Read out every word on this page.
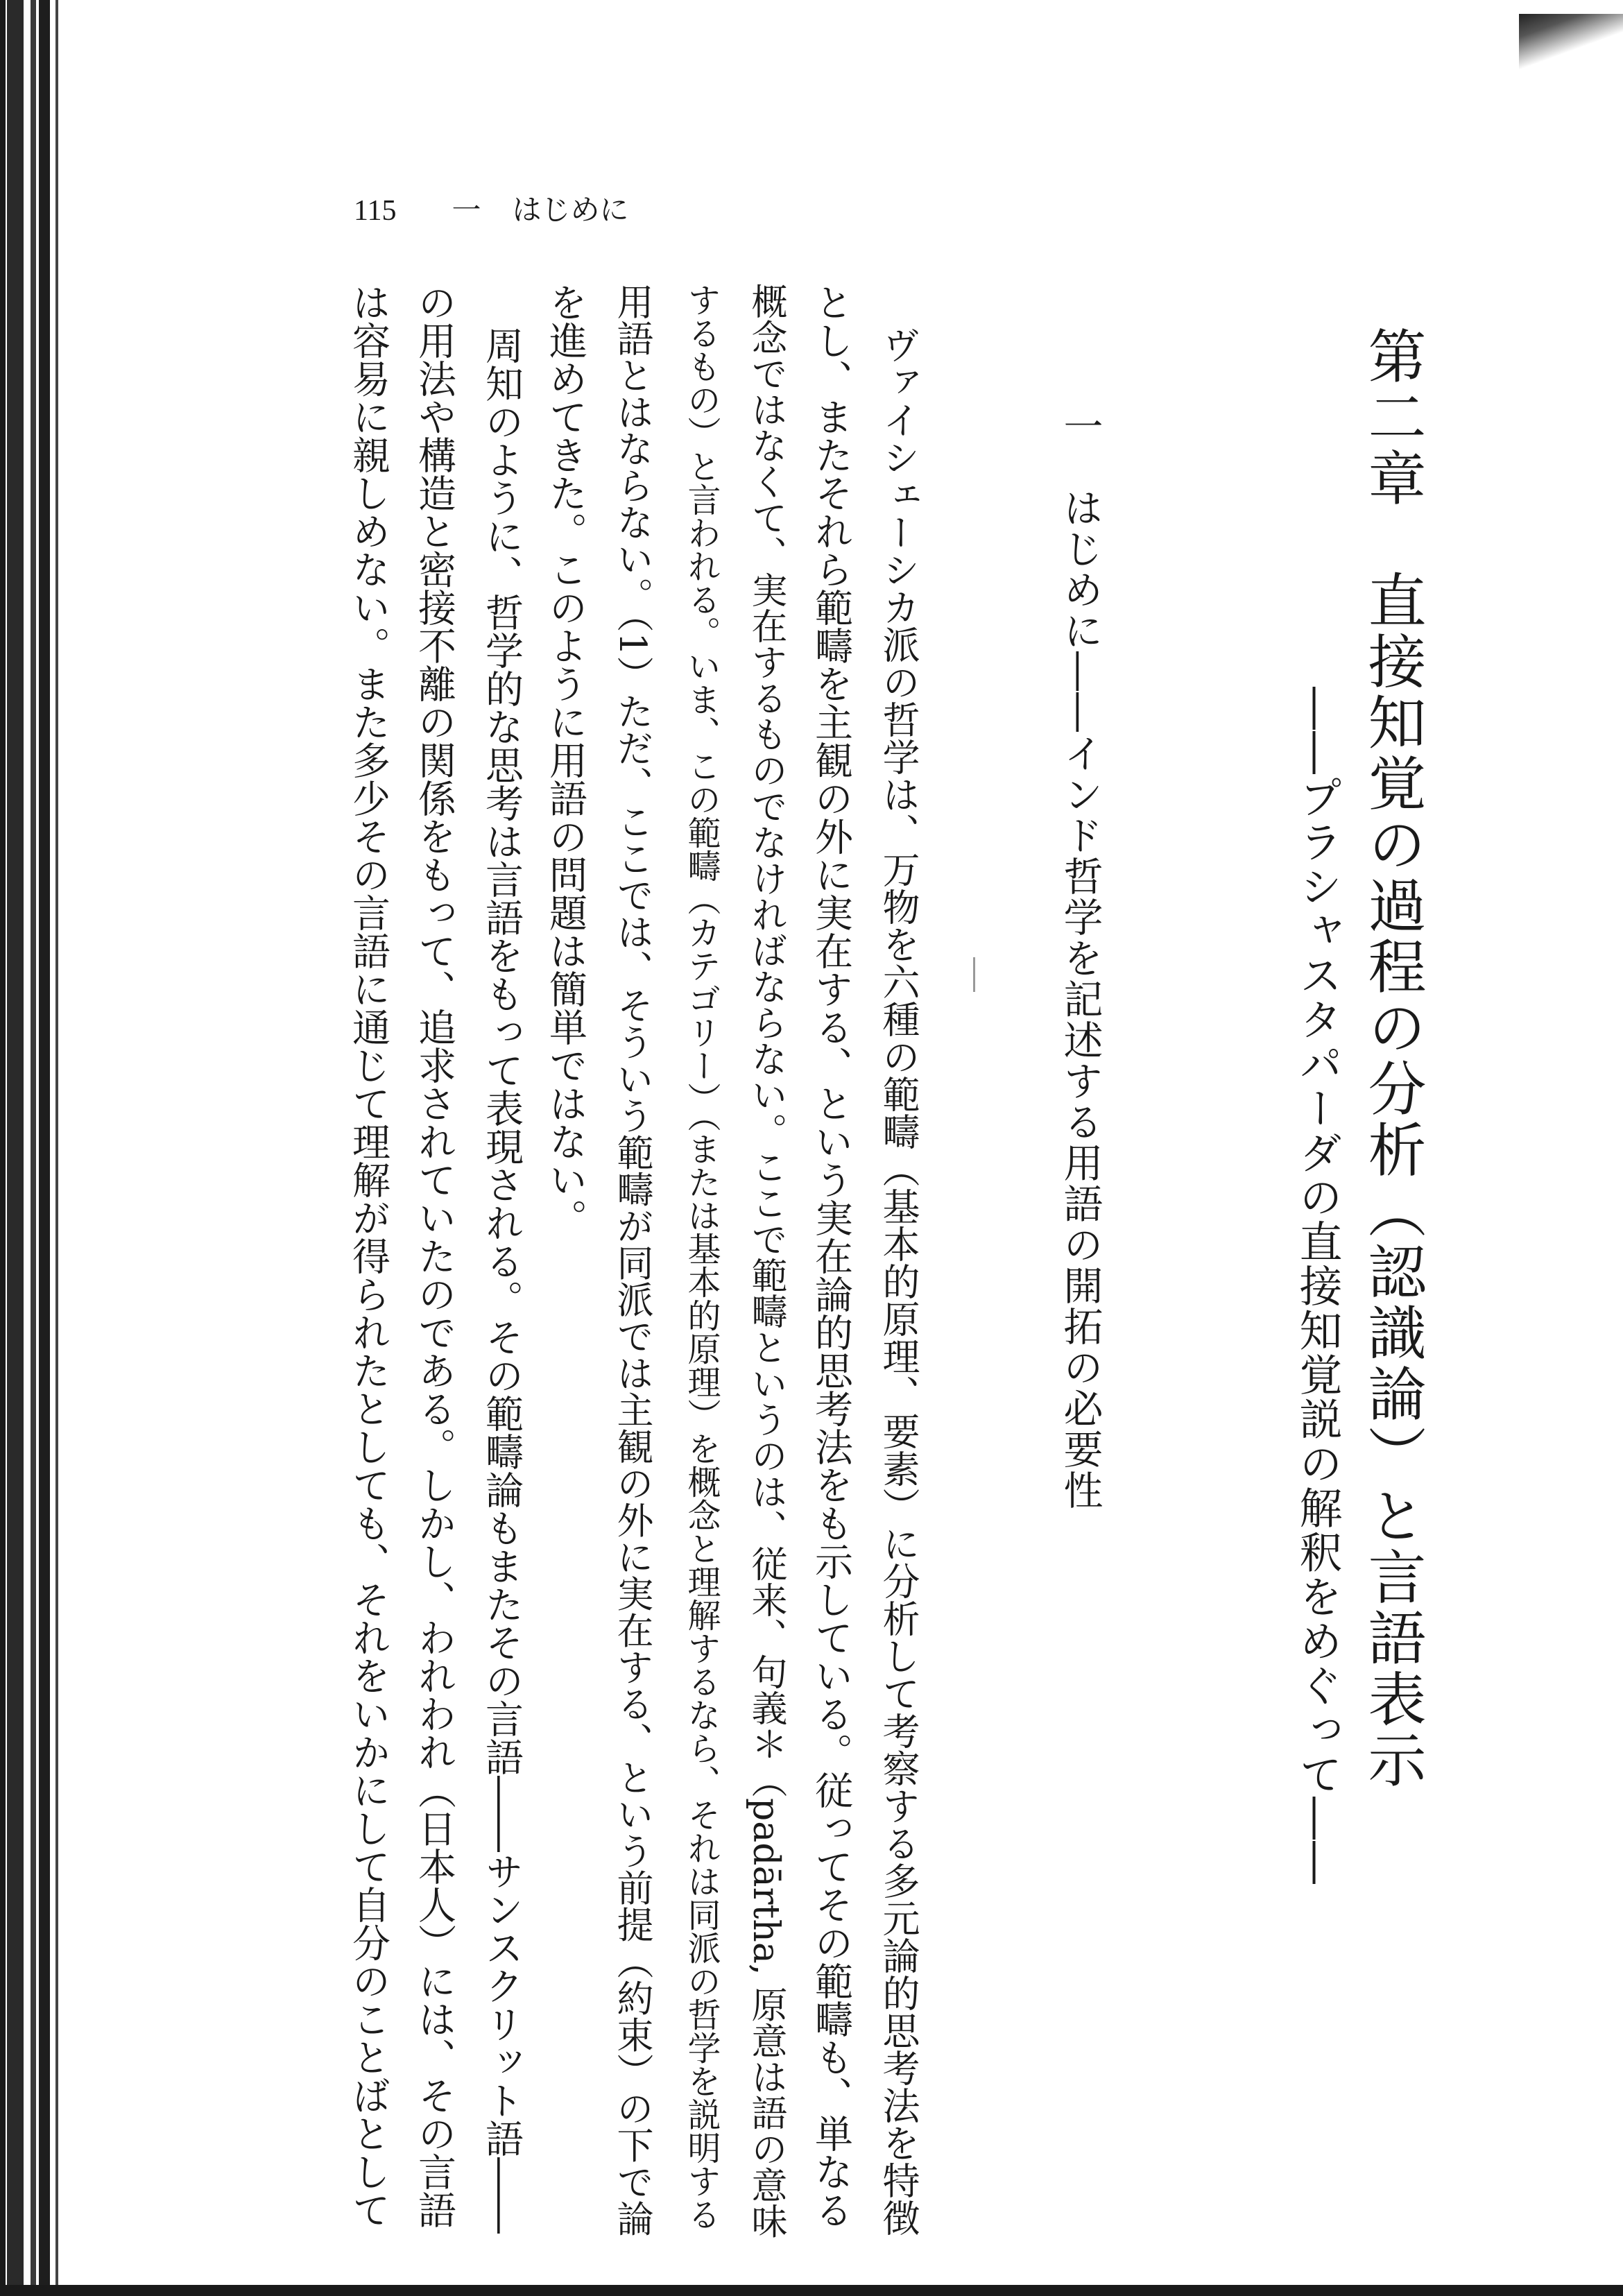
115 一 はじめに
第二章　直接知覚の過程の分析（認識論）と言語表示
――プラシャスタパーダの直接知覚説の解釈をめぐって――
一　はじめに――インド哲学を記述する用語の開拓の必要性
ヴァイシェーシカ派の哲学は、万物を六種の範疇（基本的原理、要素）に分析して考察する多元論的思考法を特徴
とし、またそれら範疇を主観の外に実在する、という実在論的思考法をも示している。従ってその範疇も、単なる
概念ではなくて、実在するものでなければならない。ここで範疇というのは、従来、句義＊（padārtha, 原意は語の意味
するもの）と言われる。いま、この範疇（カテゴリー）（または基本的原理）を概念と理解するなら、それは同派の哲学を説明する
用語とはならない。（1）ただ、ここでは、そういう範疇が同派では主観の外に実在する、という前提（約束）の下で論
を進めてきた。このように用語の問題は簡単ではない。
周知のように、哲学的な思考は言語をもって表現される。その範疇論もまたその言語――サンスクリット語――
の用法や構造と密接不離の関係をもって、追求されていたのである。しかし、われわれ（日本人）には、その言語
は容易に親しめない。また多少その言語に通じて理解が得られたとしても、それをいかにして自分のことばとして
